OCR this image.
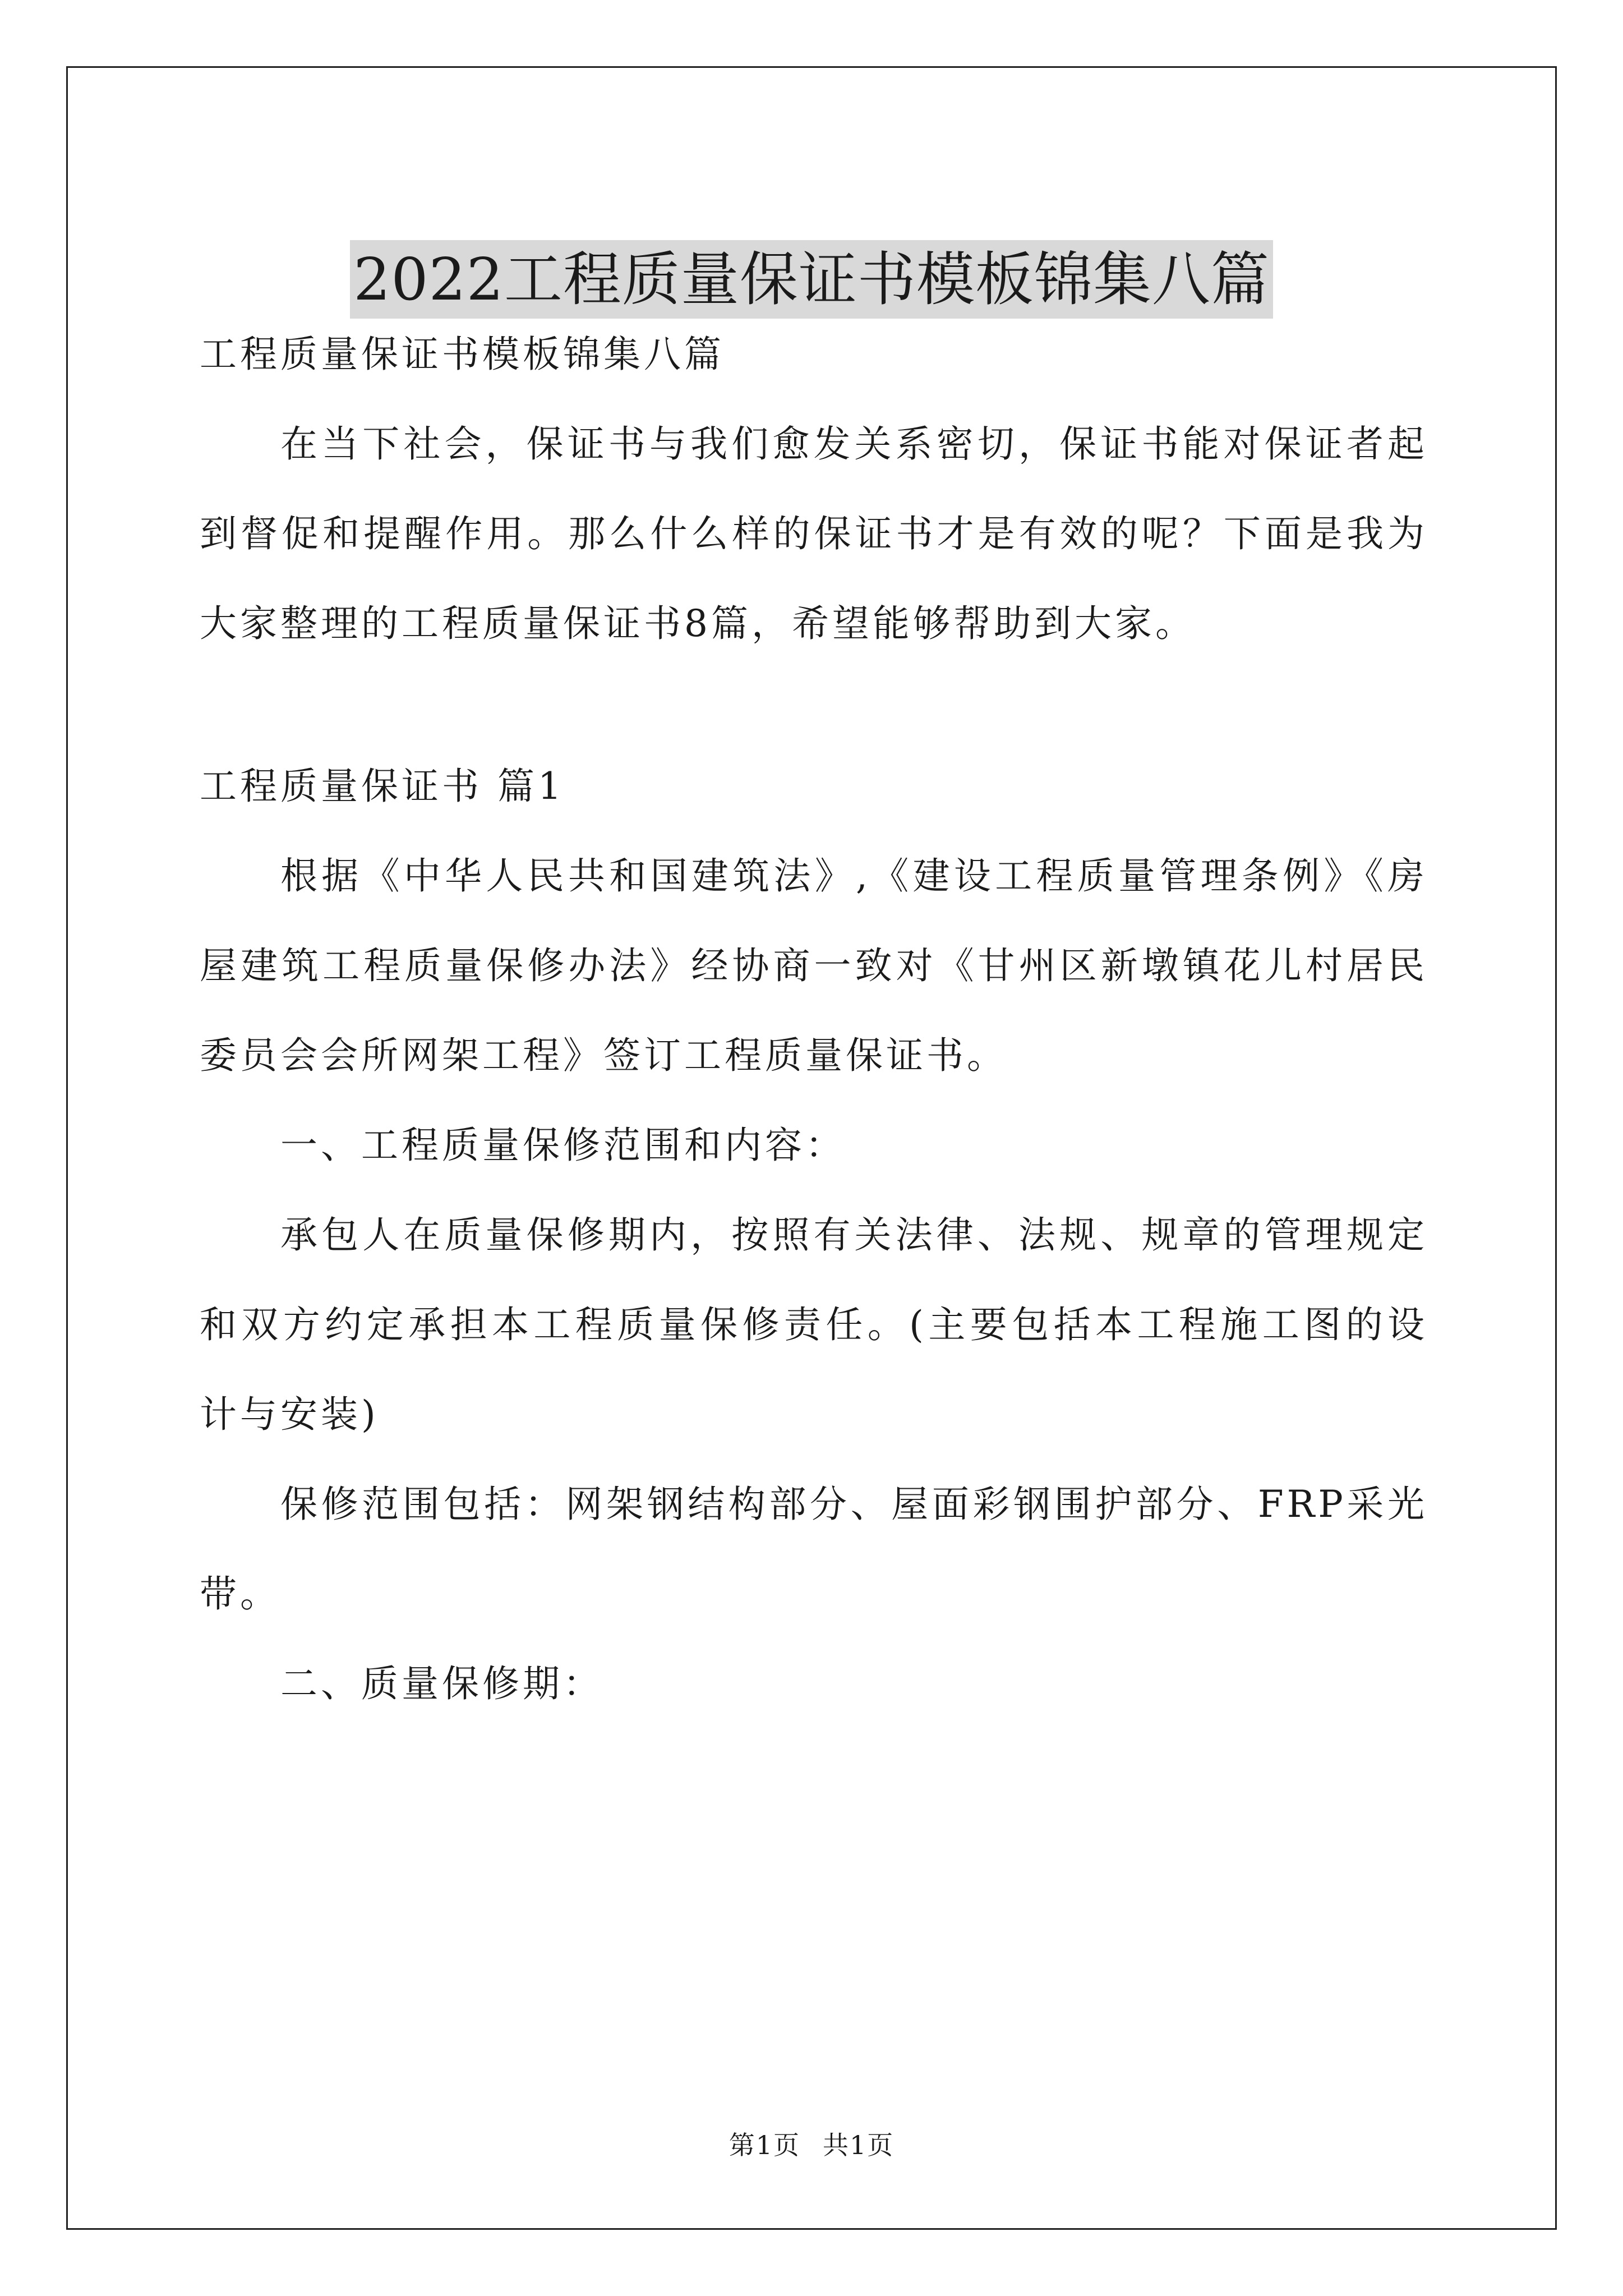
2022工程质量保证书模板锦集八篇

工程质量保证书模板锦集八篇

在当下社会，保证书与我们愈发关系密切，保证书能对保证者起到督促和提醒作用。那么什么样的保证书才是有效的呢？下面是我为大家整理的工程质量保证书8篇，希望能够帮助到大家。

工程质量保证书 篇1

根据《中华人民共和国建筑法》,《建设工程质量管理条例》《房屋建筑工程质量保修办法》经协商一致对《甘州区新墩镇花儿村居民委员会会所网架工程》签订工程质量保证书。

一、工程质量保修范围和内容：

承包人在质量保修期内，按照有关法律、法规、规章的管理规定和双方约定承担本工程质量保修责任。(主要包括本工程施工图的设计与安装)

保修范围包括：网架钢结构部分、屋面彩钢围护部分、FRP采光带。

二、质量保修期：

第1页 共1页
